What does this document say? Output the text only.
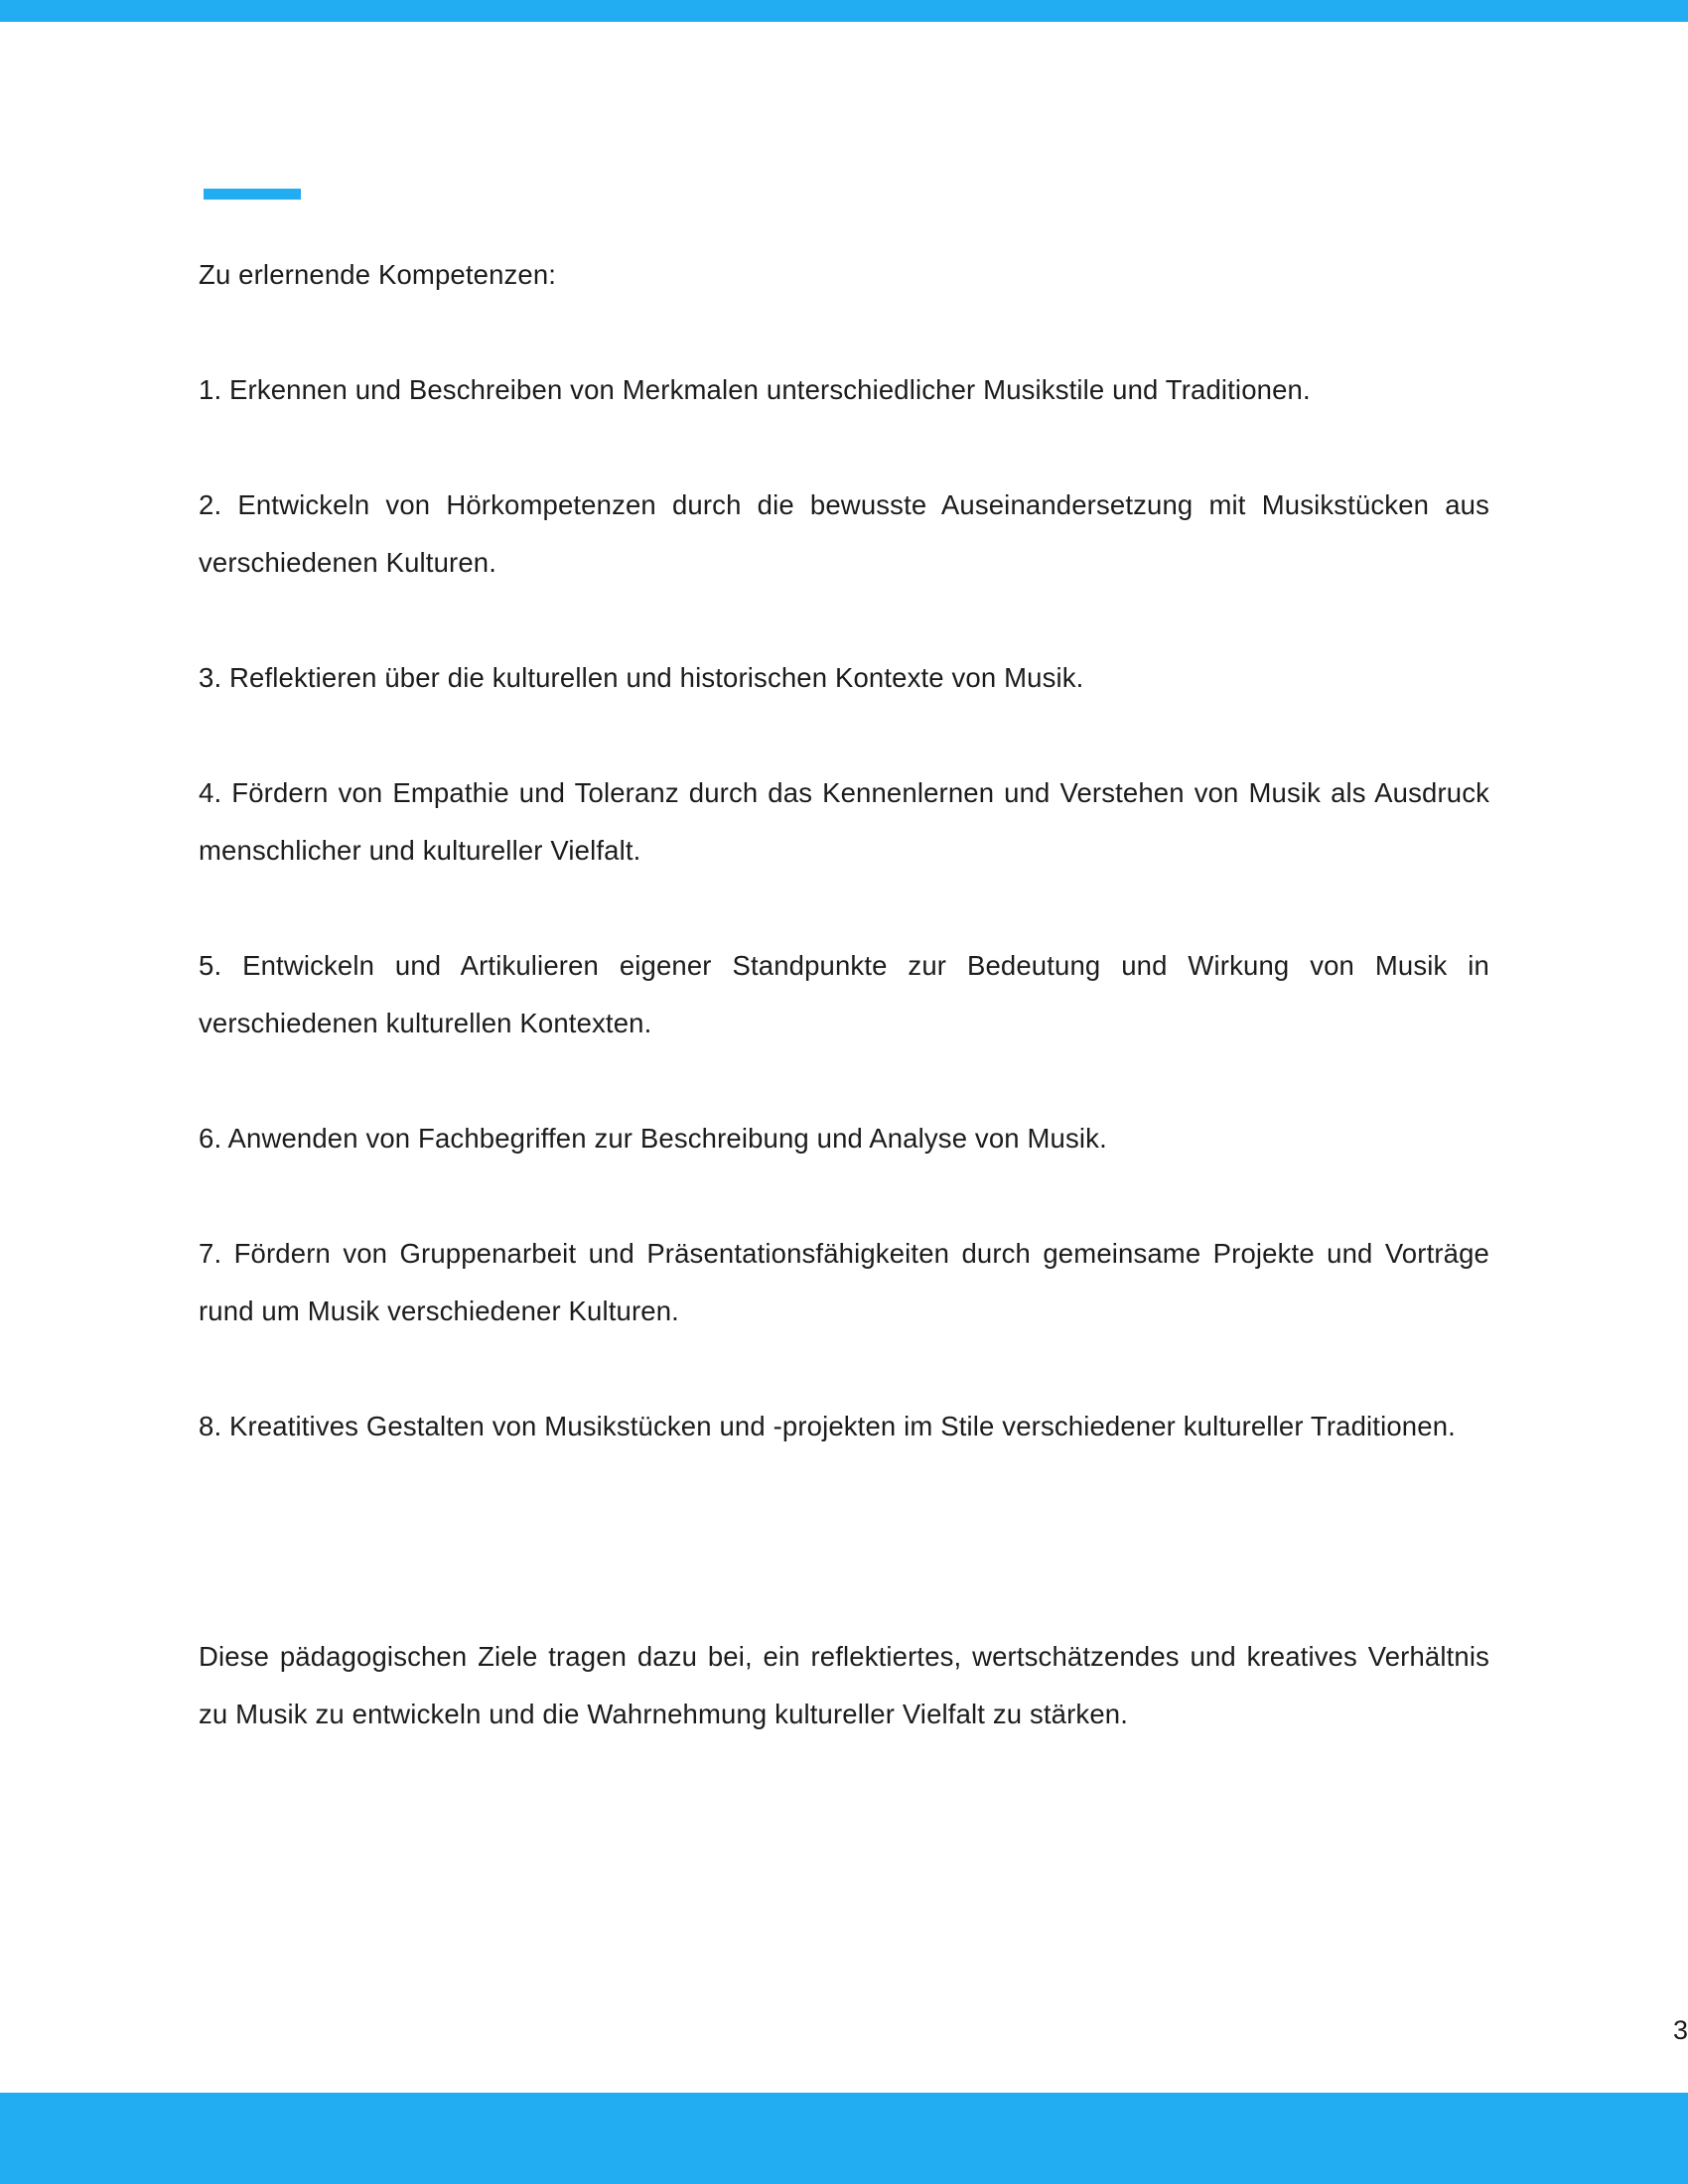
Zu erlernende Kompetenzen:

1. Erkennen und Beschreiben von Merkmalen unterschiedlicher Musikstile und Traditionen.

2. Entwickeln von Hörkompetenzen durch die bewusste Auseinandersetzung mit Musikstücken aus verschiedenen Kulturen.

3. Reflektieren über die kulturellen und historischen Kontexte von Musik.

4. Fördern von Empathie und Toleranz durch das Kennenlernen und Verstehen von Musik als Ausdruck menschlicher und kultureller Vielfalt.

5. Entwickeln und Artikulieren eigener Standpunkte zur Bedeutung und Wirkung von Musik in verschiedenen kulturellen Kontexten.

6. Anwenden von Fachbegriffen zur Beschreibung und Analyse von Musik.

7. Fördern von Gruppenarbeit und Präsentationsfähigkeiten durch gemeinsame Projekte und Vorträge rund um Musik verschiedener Kulturen.

8. Kreatitives Gestalten von Musikstücken und -projekten im Stile verschiedener kultureller Traditionen.

Diese pädagogischen Ziele tragen dazu bei, ein reflektiertes, wertschätzendes und kreatives Verhältnis zu Musik zu entwickeln und die Wahrnehmung kultureller Vielfalt zu stärken.

3
